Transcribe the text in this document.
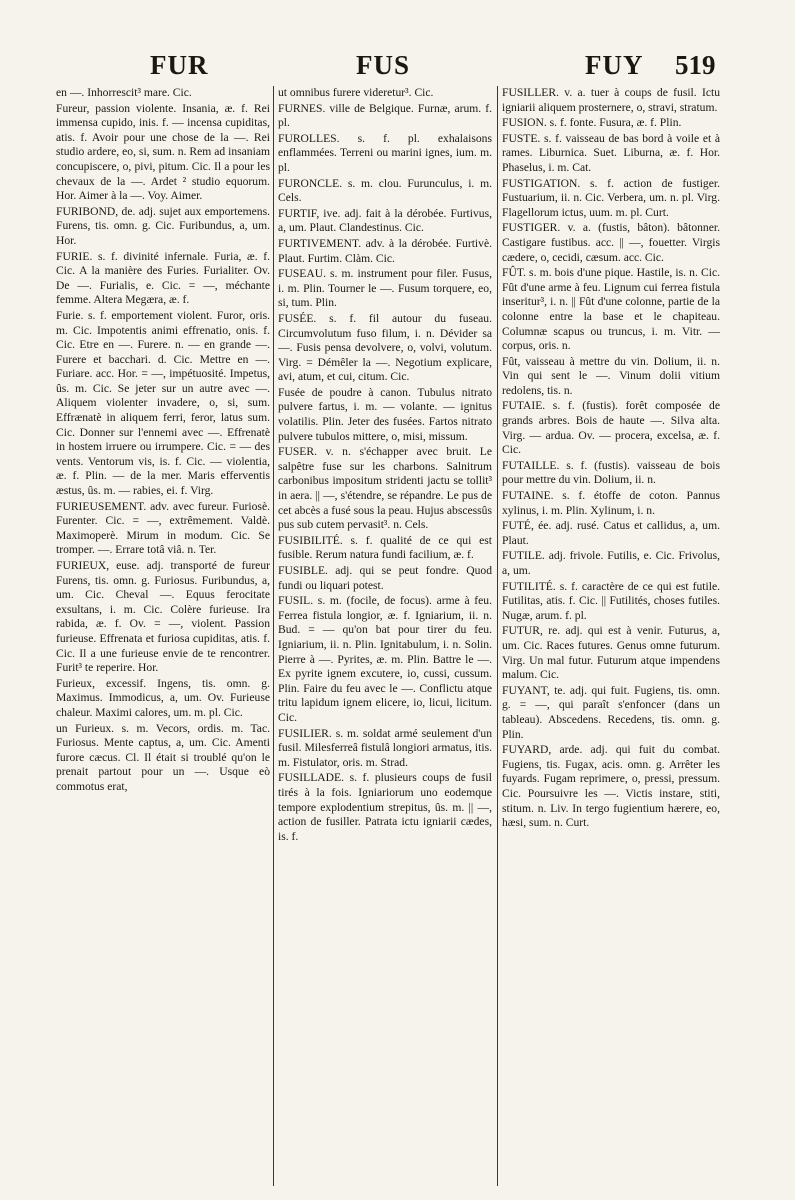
FUR	FUS	FUY 519

en —. Inhorrescit³ mare. Cic.

Fureur, passion violente. Insania, æ. f. Rei immensa cupido, inis. f. — incensa cupiditas, atis. f. Avoir pour une chose de la —. Rei studio ardere, eo, si, sum. n. Rem ad insaniam concupiscere, o, pivi, pitum. Cic. Il a pour les chevaux de la —. Ardet ² studio equorum. Hor. Aimer à la —. Voy. Aimer.

FURIBOND, de. adj. sujet aux emportemens. Furens, tis. omn. g. Cic. Furibundus, a, um. Hor.

FURIE. s. f. divinité infernale. Furia, æ. f. Cic. A la manière des Furies. Furialiter. Ov. De —. Furialis, e. Cic. = —, méchante femme. Altera Megæra, æ. f.

Furie. s. f. emportement violent. Furor, oris. m. Cic. Impotentis animi effrenatio, onis. f. Cic. Etre en —. Furere. n. — en grande —. Furere et bacchari. d. Cic. Mettre en —. Furiare. acc. Hor. = —, impétuosité. Impetus, ûs. m. Cic. Se jeter sur un autre avec —. Aliquem violenter invadere, o, si, sum. Effrænatè in aliquem ferri, feror, latus sum. Cic. Donner sur l'ennemi avec —. Effrenatè in hostem irruere ou irrumpere. Cic. = — des vents. Ventorum vis, is. f. Cic. — violentia, æ. f. Plin. — de la mer. Maris efferventis æstus, ûs. m. — rabies, ei. f. Virg.

FURIEUSEMENT. adv. avec fureur. Furiosè. Furenter. Cic. = —, extrêmement. Valdè. Maximoperè. Mirum in modum. Cic. Se tromper. —. Errare totâ viâ. n. Ter.

FURIEUX, euse. adj. transporté de fureur Furens, tis. omn. g. Furiosus. Furibundus, a, um. Cic. Cheval —. Equus ferocitate exsultans, i. m. Cic. Colère furieuse. Ira rabida, æ. f. Ov. = —, violent. Passion furieuse. Effrenata et furiosa cupiditas, atis. f. Cic. Il a une furieuse envie de te rencontrer. Furit³ te reperire. Hor.

Furieux, excessif. Ingens, tis. omn. g. Maximus. Immodicus, a, um. Ov. Furieuse chaleur. Maximi calores, um. m. pl. Cic.

un Furieux. s. m. Vecors, ordis. m. Tac. Furiosus. Mente captus, a, um. Cic. Amenti furore cæcus. Cl. Il était si troublé qu'on le prenait partout pour un —. Usque eò commotus erat,

ut omnibus furere videretur³. Cic.

FURNES. ville de Belgique. Furnæ, arum. f. pl.

FUROLLES. s. f. pl. exhalaisons enflammées. Terreni ou marini ignes, ium. m. pl.

FURONCLE. s. m. clou. Furunculus, i. m. Cels.

FURTIF, ive. adj. fait à la dérobée. Furtivus, a, um. Plaut. Clandestinus. Cic.

FURTIVEMENT. adv. à la dérobée. Furtivè. Plaut. Furtim. Clàm. Cic.

FUSEAU. s. m. instrument pour filer. Fusus, i. m. Plin. Tourner le —. Fusum torquere, eo, si, tum. Plin.

FUSÉE. s. f. fil autour du fuseau. Circumvolutum fuso filum, i. n. Dévider sa —. Fusis pensa devolvere, o, volvi, volutum. Virg. = Démêler la —. Negotium explicare, avi, atum, et cui, citum. Cic.

Fusée de poudre à canon. Tubulus nitrato pulvere fartus, i. m. — volante. — ignitus volatilis. Plin. Jeter des fusées. Fartos nitrato pulvere tubulos mittere, o, misi, missum.

FUSER. v. n. s'échapper avec bruit. Le salpêtre fuse sur les charbons. Salnitrum carbonibus impositum stridenti jactu se tollit³ in aera. || —, s'étendre, se répandre. Le pus de cet abcès a fusé sous la peau. Hujus abscessûs pus sub cutem pervasit³. n. Cels.

FUSIBILITÉ. s. f. qualité de ce qui est fusible. Rerum natura fundi facilium, æ. f.

FUSIBLE. adj. qui se peut fondre. Quod fundi ou liquari potest.

FUSIL. s. m. (focile, de focus). arme à feu. Ferrea fistula longior, æ. f. Igniarium, ii. n. Bud. = — qu'on bat pour tirer du feu. Igniarium, ii. n. Plin. Ignitabulum, i. n. Solin. Pierre à —. Pyrites, æ. m. Plin. Battre le —. Ex pyrite ignem excutere, io, cussi, cussum. Plin. Faire du feu avec le —. Conflictu atque tritu lapidum ignem elicere, io, licui, licitum. Cic.

FUSILIER. s. m. soldat armé seulement d'un fusil. Milesferreâ fistulâ longiori armatus, itis. m. Fistulator, oris. m. Strad.

FUSILLADE. s. f. plusieurs coups de fusil tirés à la fois. Igniariorum uno eodemque tempore explodentium strepitus, ûs. m. || —, action de fusiller. Patrata ictu igniarii cædes, is. f.

FUSILLER. v. a. tuer à coups de fusil. Ictu igniarii aliquem prosternere, o, stravi, stratum.

FUSION. s. f. fonte. Fusura, æ. f. Plin.

FUSTE. s. f. vaisseau de bas bord à voile et à rames. Liburnica. Suet. Liburna, æ. f. Hor. Phaselus, i. m. Cat.

FUSTIGATION. s. f. action de fustiger. Fustuarium, ii. n. Cic. Verbera, um. n. pl. Virg. Flagellorum ictus, uum. m. pl. Curt.

FUSTIGER. v. a. (fustis, bâton). bâtonner. Castigare fustibus. acc. || —, fouetter. Virgis cædere, o, cecidi, cæsum. acc. Cic.

FÛT. s. m. bois d'une pique. Hastile, is. n. Cic. Fût d'une arme à feu. Lignum cui ferrea fistula inseritur³, i. n. || Fût d'une colonne, partie de la colonne entre la base et le chapiteau. Columnæ scapus ou truncus, i. m. Vitr. — corpus, oris. n.

Fût, vaisseau à mettre du vin. Dolium, ii. n. Vin qui sent le —. Vinum dolii vitium redolens, tis. n.

FUTAIE. s. f. (fustis). forêt composée de grands arbres. Bois de haute —. Silva alta. Virg. — ardua. Ov. — procera, excelsa, æ. f. Cic.

FUTAILLE. s. f. (fustis). vaisseau de bois pour mettre du vin. Dolium, ii. n.

FUTAINE. s. f. étoffe de coton. Pannus xylinus, i. m. Plin. Xylinum, i. n.

FUTÉ, ée. adj. rusé. Catus et callidus, a, um. Plaut.

FUTILE. adj. frivole. Futilis, e. Cic. Frivolus, a, um.

FUTILITÉ. s. f. caractère de ce qui est futile. Futilitas, atis. f. Cic. || Futilités, choses futiles. Nugæ, arum. f. pl.

FUTUR, re. adj. qui est à venir. Futurus, a, um. Cic. Races futures. Genus omne futurum. Virg. Un mal futur. Futurum atque impendens malum. Cic.

FUYANT, te. adj. qui fuit. Fugiens, tis. omn. g. = —, qui paraît s'enfoncer (dans un tableau). Abscedens. Recedens, tis. omn. g. Plin.

FUYARD, arde. adj. qui fuit du combat. Fugiens, tis. Fugax, acis. omn. g. Arrêter les fuyards. Fugam reprimere, o, pressi, pressum. Cic. Poursuivre les —. Victis instare, stiti, stitum. n. Liv. In tergo fugientium hærere, eo, hæsi, sum. n. Curt.
